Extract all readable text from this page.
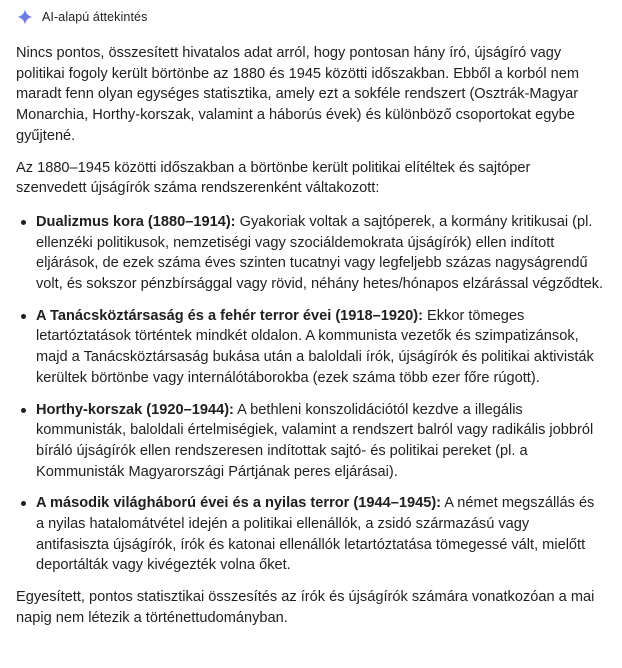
AI-alapú áttekintés

Nincs pontos, összesített hivatalos adat arról, hogy pontosan hány író, újságíró vagy politikai fogoly került börtönbe az 1880 és 1945 közötti időszakban. Ebből a korból nem maradt fenn olyan egységes statisztika, amely ezt a sokféle rendszert (Osztrák-Magyar Monarchia, Horthy-korszak, valamint a háborús évek) és különböző csoportokat egybe gyűjtené.

Az 1880–1945 közötti időszakban a börtönbe került politikai elítéltek és sajtóper szenvedett újságírók száma rendszerenként váltakozott:

Dualizmus kora (1880–1914): Gyakoriak voltak a sajtóperek, a kormány kritikusai (pl. ellenzéki politikusok, nemzetiségi vagy szociáldemokrata újságírók) ellen indított eljárások, de ezek száma éves szinten tucatnyi vagy legfeljebb százas nagyságrendű volt, és sokszor pénzbírsággal vagy rövid, néhány hetes/hónapos elzárással végződtek.
A Tanácsköztársaság és a fehér terror évei (1918–1920): Ekkor tömeges letartóztatások történtek mindkét oldalon. A kommunista vezetők és szimpatizánsok, majd a Tanácsköztársaság bukása után a baloldali írók, újságírók és politikai aktivisták kerültek börtönbe vagy internálótáborokba (ezek száma több ezer főre rúgott).
Horthy-korszak (1920–1944): A bethleni konszolidációtól kezdve a illegális kommunisták, baloldali értelmiségiek, valamint a rendszert balról vagy radikális jobbról bíráló újságírók ellen rendszeresen indítottak sajtó- és politikai pereket (pl. a Kommunisták Magyarországi Pártjának peres eljárásai).
A második világháború évei és a nyilas terror (1944–1945): A német megszállás és a nyilas hatalomátvétel idején a politikai ellenállók, a zsidó származású vagy antifasiszta újságírók, írók és katonai ellenállók letartóztatása tömegessé vált, mielőtt deportálták vagy kivégezték volna őket.

Egyesített, pontos statisztikai összesítés az írók és újságírók számára vonatkozóan a mai napig nem létezik a történettudományban.
